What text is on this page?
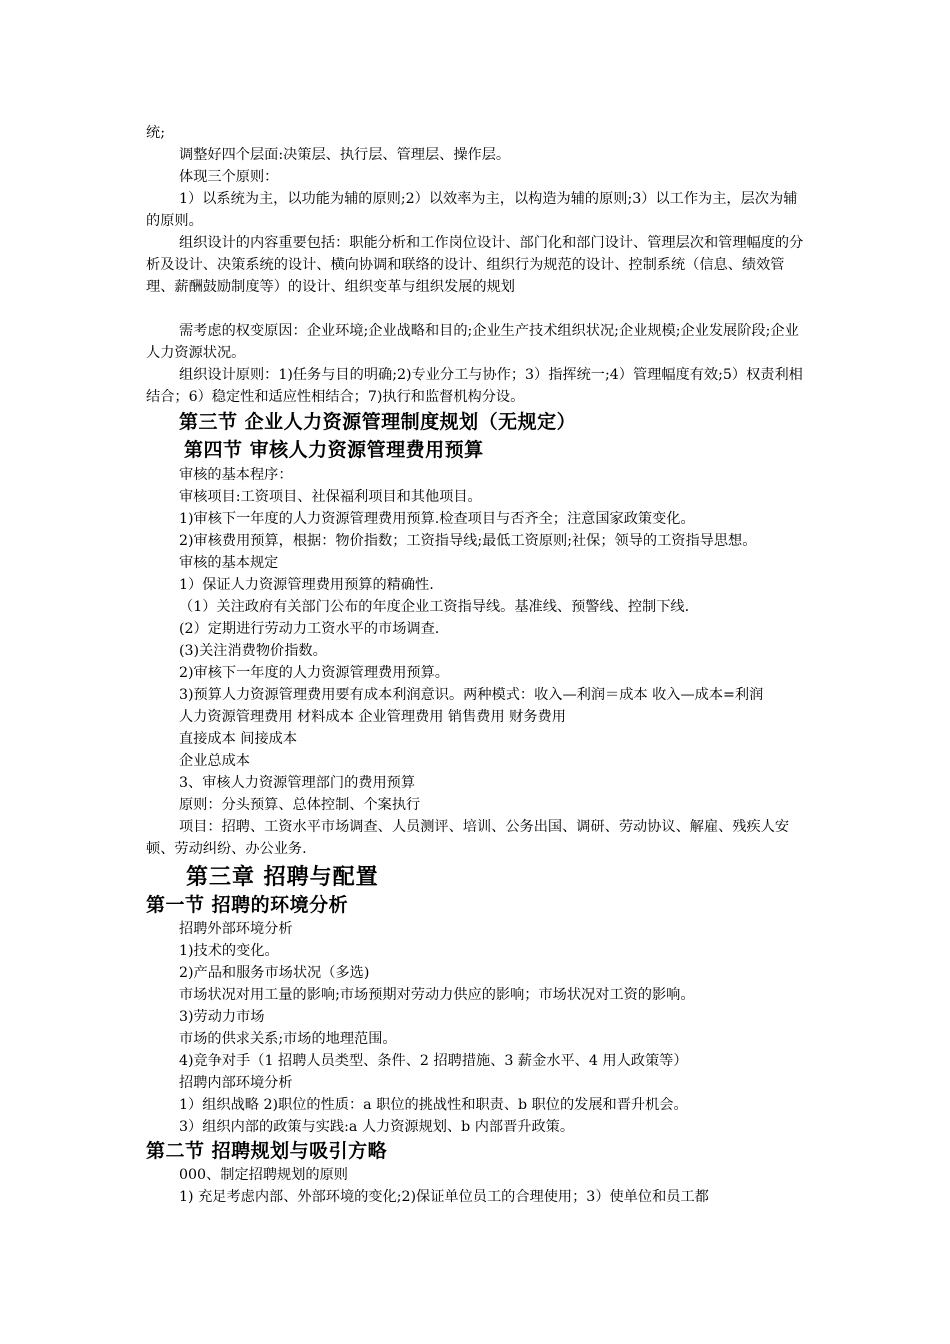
统;

调整好四个层面:决策层、执行层、管理层、操作层。

体现三个原则：

1）以系统为主，以功能为辅的原则;2）以效率为主，以构造为辅的原则;3）以工作为主，层次为辅的原则。

组织设计的内容重要包括：职能分析和工作岗位设计、部门化和部门设计、管理层次和管理幅度的分析及设计、决策系统的设计、横向协调和联络的设计、组织行为规范的设计、控制系统（信息、绩效管理、薪酬鼓励制度等）的设计、组织变革与组织发展的规划

需考虑的权变原因：企业环境;企业战略和目的;企业生产技术组织状况;企业规模;企业发展阶段;企业人力资源状况。

组织设计原则：1)任务与目的明确;2)专业分工与协作；3）指挥统一;4）管理幅度有效;5）权责利相结合；6）稳定性和适应性相结合；7)执行和监督机构分设。

第三节 企业人力资源管理制度规划（无规定）
第四节 审核人力资源管理费用预算

审核的基本程序：

审核项目:工资项目、社保福利项目和其他项目。

1)审核下一年度的人力资源管理费用预算.检查项目与否齐全；注意国家政策变化。

2)审核费用预算，根据：物价指数；工资指导线;最低工资原则;社保；领导的工资指导思想。

审核的基本规定

1）保证人力资源管理费用预算的精确性.

（1）关注政府有关部门公布的年度企业工资指导线。基准线、预警线、控制下线.

(2）定期进行劳动力工资水平的市场调查.

(3)关注消费物价指数。

2)审核下一年度的人力资源管理费用预算。

3)预算人力资源管理费用要有成本利润意识。两种模式：收入—利润＝成本 收入—成本=利润

人力资源管理费用 材料成本 企业管理费用 销售费用 财务费用

直接成本 间接成本

企业总成本

3、审核人力资源管理部门的费用预算

原则：分头预算、总体控制、个案执行

项目：招聘、工资水平市场调查、人员测评、培训、公务出国、调研、劳动协议、解雇、残疾人安顿、劳动纠纷、办公业务.

第三章 招聘与配置
第一节 招聘的环境分析

招聘外部环境分析

1)技术的变化。

2)产品和服务市场状况（多选)

市场状况对用工量的影响;市场预期对劳动力供应的影响；市场状况对工资的影响。

3)劳动力市场

市场的供求关系;市场的地理范围。

4)竞争对手（1 招聘人员类型、条件、2 招聘措施、3 薪金水平、4 用人政策等）

招聘内部环境分析

1）组织战略 2)职位的性质：a 职位的挑战性和职责、b 职位的发展和晋升机会。

3）组织内部的政策与实践:a 人力资源规划、b 内部晋升政策。

第二节 招聘规划与吸引方略

000、制定招聘规划的原则

1) 充足考虑内部、外部环境的变化;2)保证单位员工的合理使用；3）使单位和员工都
